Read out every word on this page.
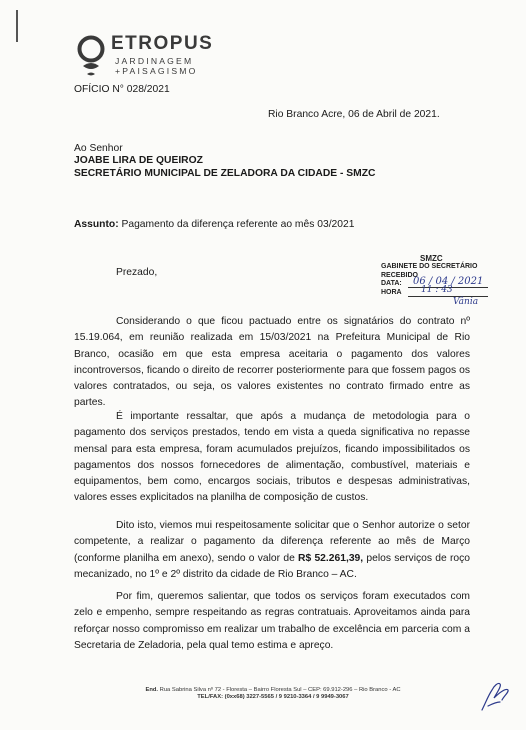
ETROPUS
JARDINAGEM
+PAISAGISMO
OFÍCIO N° 028/2021
Rio Branco Acre, 06 de Abril de 2021.
Ao Senhor
JOABE LIRA DE QUEIROZ
SECRETÁRIO MUNICIPAL DE ZELADORA DA CIDADE - SMZC
Assunto: Pagamento da diferença referente ao mês 03/2021
Prezado,
SMZC
GABINETE DO SECRETÁRIO
RECEBIDO
DATA:
HORA
06 / 04 / 2021
11 : 43
Vânia
Considerando o que ficou pactuado entre os signatários do contrato nº 15.19.064, em reunião realizada em 15/03/2021 na Prefeitura Municipal de Rio Branco, ocasião em que esta empresa aceitaria o pagamento dos valores incontroversos, ficando o direito de recorrer posteriormente para que fossem pagos os valores contratados, ou seja, os valores existentes no contrato firmado entre as partes.
É importante ressaltar, que após a mudança de metodologia para o pagamento dos serviços prestados, tendo em vista a queda significativa no repasse mensal para esta empresa, foram acumulados prejuízos, ficando impossibilitados os pagamentos dos nossos fornecedores de alimentação, combustível, materiais e equipamentos, bem como, encargos sociais, tributos e despesas administrativas, valores esses explicitados na planilha de composição de custos.
Dito isto, viemos mui respeitosamente solicitar que o Senhor autorize o setor competente, a realizar o pagamento da diferença referente ao mês de Março (conforme planilha em anexo), sendo o valor de R$ 52.261,39, pelos serviços de roço mecanizado, no 1º e 2º distrito da cidade de Rio Branco – AC.
Por fim, queremos salientar, que todos os serviços foram executados com zelo e empenho, sempre respeitando as regras contratuais. Aproveitamos ainda para reforçar nosso compromisso em realizar um trabalho de excelência em parceria com a Secretaria de Zeladoria, pela qual temo estima e apreço.
End. Rua Sabrina Silva nº 72 - Floresta – Bairro Floresta Sul – CEP: 69.912-296 – Rio Branco - AC
TEL/FAX: (0xx68) 3227-5565 / 9 9210-3364 / 9 9949-3067
